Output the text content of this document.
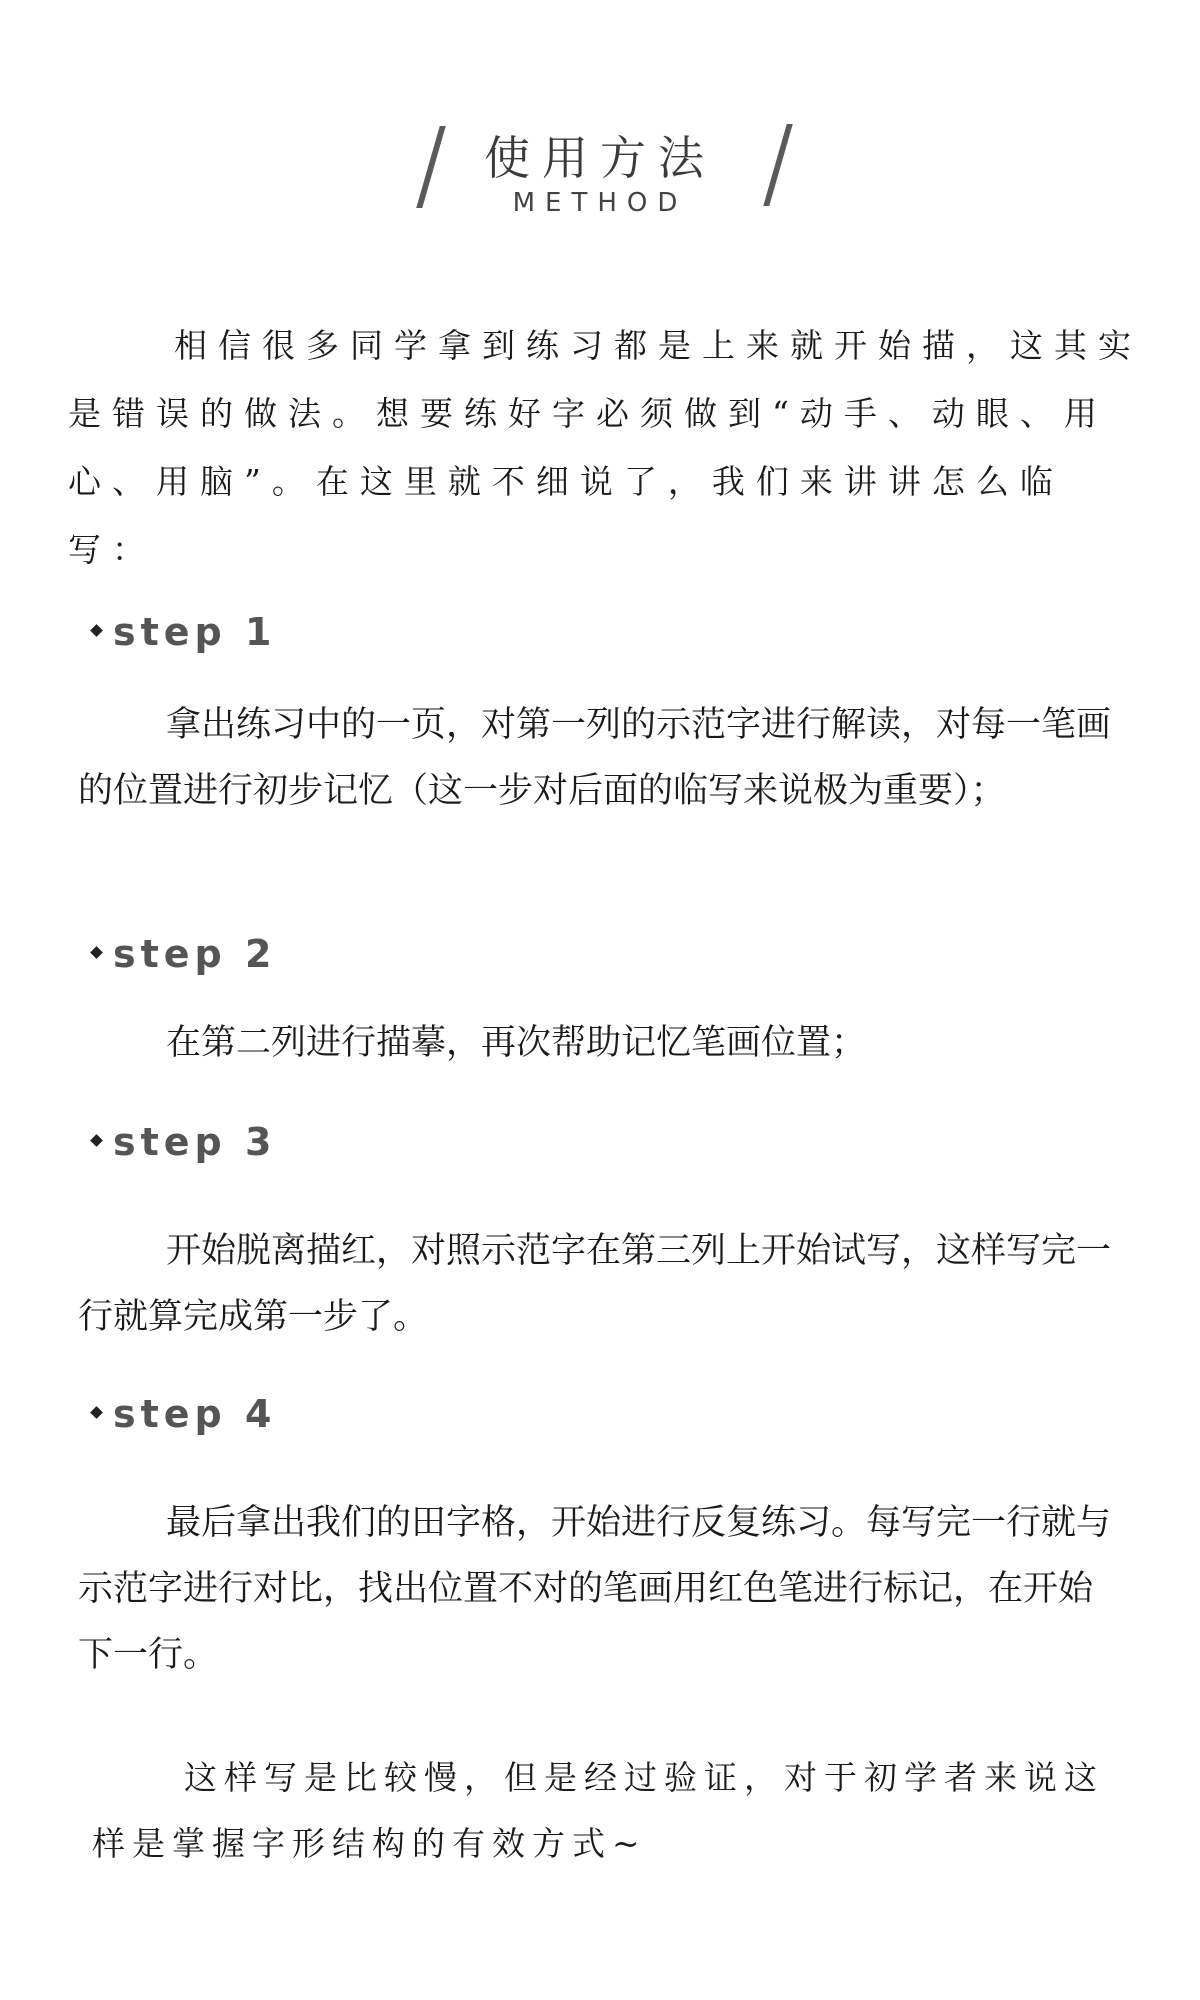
使用方法
METHOD

相信很多同学拿到练习都是上来就开始描，这其实是错误的做法。想要练好字必须做到“动手、动眼、用心、用脑”。在这里就不细说了，我们来讲讲怎么临写：

step 1

拿出练习中的一页，对第一列的示范字进行解读，对每一笔画的位置进行初步记忆（这一步对后面的临写来说极为重要）；

step 2

在第二列进行描摹，再次帮助记忆笔画位置；

step 3

开始脱离描红，对照示范字在第三列上开始试写，这样写完一行就算完成第一步了。

step 4

最后拿出我们的田字格，开始进行反复练习。每写完一行就与示范字进行对比，找出位置不对的笔画用红色笔进行标记，在开始下一行。

这样写是比较慢，但是经过验证，对于初学者来说这样是掌握字形结构的有效方式~
